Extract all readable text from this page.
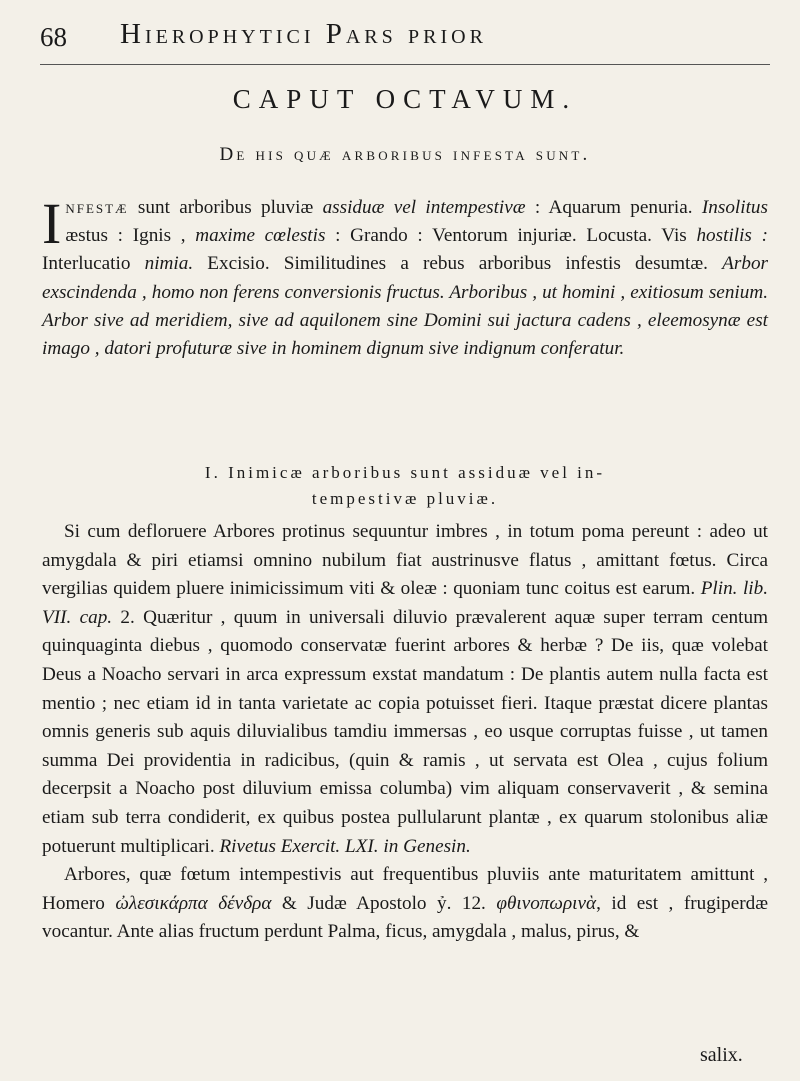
68 Hierophytici Pars prior
CAPUT OCTAVUM.
De his quæ arboribus infesta sunt.
Infestæ sunt arboribus pluviæ assiduæ vel intempestivæ : Aquarum penuria. Insolitus æstus : Ignis , maxime cœlestis : Grando : Ventorum injuriæ. Locusta. Vis hostilis : Interlucatio nimia. Excisio. Similitudines a rebus arboribus infestis desumtæ. Arbor exscindenda , homo non ferens conversionis fructus. Arboribus , ut homini , exitiosum senium. Arbor sive ad meridiem, sive ad aquilonem sine Domini sui jactura cadens , eleemosynæ est imago , datori profuturæ sive in hominem dignum sive indignum conferatur.
I. Inimicæ arboribus sunt assiduæ vel in-
tempestivæ pluviæ.

Si cum defloruere Arbores protinus sequuntur imbres , in totum poma pereunt : adeo ut amygdala & piri etiamsi omnino nubilum fiat austrinusve flatus , amittant fœtus. Circa vergilias quidem pluere inimicissimum viti & oleæ : quoniam tunc coitus est earum. Plin. lib. VII. cap. 2. Quæritur , quum in universali diluvio prævalerent aquæ super terram centum quinquaginta diebus , quomodo conservatæ fuerint arbores & herbæ ? De iis, quæ volebat Deus a Noacho servari in arca expressum exstat mandatum : De plantis autem nulla facta est mentio ; nec etiam id in tanta varietate ac copia potuisset fieri. Itaque præstat dicere plantas omnis generis sub aquis diluvialibus tamdiu immersas , eo usque corruptas fuisse , ut tamen summa Dei providentia in radicibus, (quin & ramis , ut servata est Olea , cujus folium decerpsit a Noacho post diluvium emissa columba) vim aliquam conservaverit , & semina etiam sub terra condiderit, ex quibus postea pullularunt plantæ , ex quarum stolonibus aliæ potuerunt multiplicari. Rivetus Exercit. LXI. in Genesin.

Arbores, quæ fœtum intempestivis aut frequentibus pluviis ante maturitatem amittunt , Homero ὠλεσικάρπα δένδρα & Judæ Apostolo ỷ. 12. φθινοπωρινὰ, id est , frugiperdæ vocantur. Ante alias fructum perdunt Palma, ficus, amygdala , malus, pirus, &

salix.
